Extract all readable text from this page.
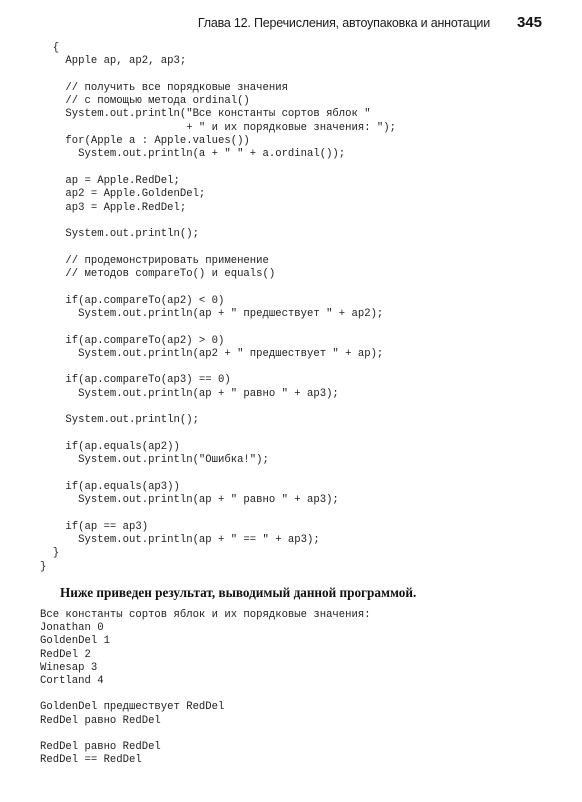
Глава 12. Перечисления, автоупаковка и аннотации 345
{
Apple ap, ap2, ap3;

// получить все порядковые значения
// с помощью метода ordinal()
System.out.println("Все константы сортов яблок "
+ " и их порядковые значения: ");
for(Apple a : Apple.values())
System.out.println(a + " " + a.ordinal());

ap = Apple.RedDel;
ap2 = Apple.GoldenDel;
ap3 = Apple.RedDel;

System.out.println();

// продемонстрировать применение
// методов compareTo() и equals()

if(ap.compareTo(ap2) < 0)
System.out.println(ap + " предшествует " + ap2);

if(ap.compareTo(ap2) > 0)
System.out.println(ap2 + " предшествует " + ap);

if(ap.compareTo(ap3) == 0)
System.out.println(ap + " равно " + ap3);

System.out.println();

if(ap.equals(ap2))
System.out.println("Ошибка!");

if(ap.equals(ap3))
System.out.println(ap + " равно " + ap3);

if(ap == ap3)
System.out.println(ap + " == " + ap3);
}
}
Ниже приведен результат, выводимый данной программой.
Все константы сортов яблок и их порядковые значения:
Jonathan 0
GoldenDel 1
RedDel 2
Winesap 3
Cortland 4

GoldenDel предшествует RedDel
RedDel равно RedDel

RedDel равно RedDel
RedDel == RedDel
